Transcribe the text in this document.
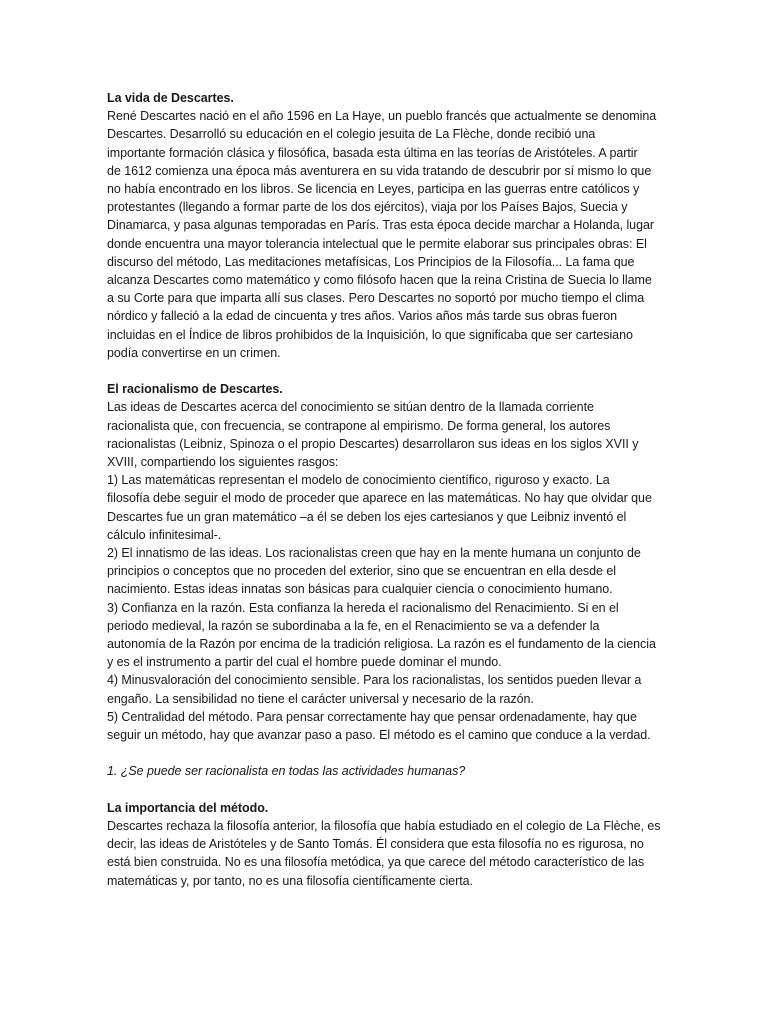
La vida de Descartes.
René Descartes nació en el año 1596 en La Haye, un pueblo francés que actualmente se denomina
Descartes. Desarrolló su educación en el colegio jesuita de La Flèche, donde recibió una
importante formación clásica y filosófica, basada esta última en las teorías de Aristóteles. A partir
de 1612 comienza una época más aventurera en su vida tratando de descubrir por sí mismo lo que
no había encontrado en los libros. Se licencia en Leyes, participa en las guerras entre católicos y
protestantes (llegando a formar parte de los dos ejércitos), viaja por los Países Bajos, Suecia y
Dinamarca, y pasa algunas temporadas en París. Tras esta época decide marchar a Holanda, lugar
donde encuentra una mayor tolerancia intelectual que le permite elaborar sus principales obras: El
discurso del método, Las meditaciones metafísicas, Los Principios de la Filosofía... La fama que
alcanza Descartes como matemático y como filósofo hacen que la reina Cristina de Suecia lo llame
a su Corte para que imparta allí sus clases. Pero Descartes no soportó por mucho tiempo el clima
nórdico y falleció a la edad de cincuenta y tres años. Varios años más tarde sus obras fueron
incluidas en el Índice de libros prohibidos de la Inquisición, lo que significaba que ser cartesiano
podía convertirse en un crimen.
El racionalismo de Descartes.
Las ideas de Descartes acerca del conocimiento se sitúan dentro de la llamada corriente
racionalista que, con frecuencia, se contrapone al empirismo. De forma general, los autores
racionalistas (Leibniz, Spinoza o el propio Descartes) desarrollaron sus ideas en los siglos XVII y
XVIII, compartiendo los siguientes rasgos:
1) Las matemáticas representan el modelo de conocimiento científico, riguroso y exacto. La
filosofía debe seguir el modo de proceder que aparece en las matemáticas. No hay que olvidar que
Descartes fue un gran matemático –a él se deben los ejes cartesianos y que Leibniz inventó el
cálculo infinitesimal-.
2) El innatismo de las ideas. Los racionalistas creen que hay en la mente humana un conjunto de
principios o conceptos que no proceden del exterior, sino que se encuentran en ella desde el
nacimiento. Estas ideas innatas son básicas para cualquier ciencia o conocimiento humano.
3) Confianza en la razón. Esta confianza la hereda el racionalismo del Renacimiento. Si en el
periodo medieval, la razón se subordinaba a la fe, en el Renacimiento se va a defender la
autonomía de la Razón por encima de la tradición religiosa. La razón es el fundamento de la ciencia
y es el instrumento a partir del cual el hombre puede dominar el mundo.
4) Minusvaloración del conocimiento sensible. Para los racionalistas, los sentidos pueden llevar a
engaño. La sensibilidad no tiene el carácter universal y necesario de la razón.
5) Centralidad del método. Para pensar correctamente hay que pensar ordenadamente, hay que
seguir un método, hay que avanzar paso a paso. El método es el camino que conduce a la verdad.
1. ¿Se puede ser racionalista en todas las actividades humanas?
La importancia del método.
Descartes rechaza la filosofía anterior, la filosofía que había estudiado en el colegio de La Flèche, es
decir, las ideas de Aristóteles y de Santo Tomás. Él considera que esta filosofía no es rigurosa, no
está bien construida. No es una filosofía metódica, ya que carece del método característico de las
matemáticas y, por tanto, no es una filosofía científicamente cierta.
